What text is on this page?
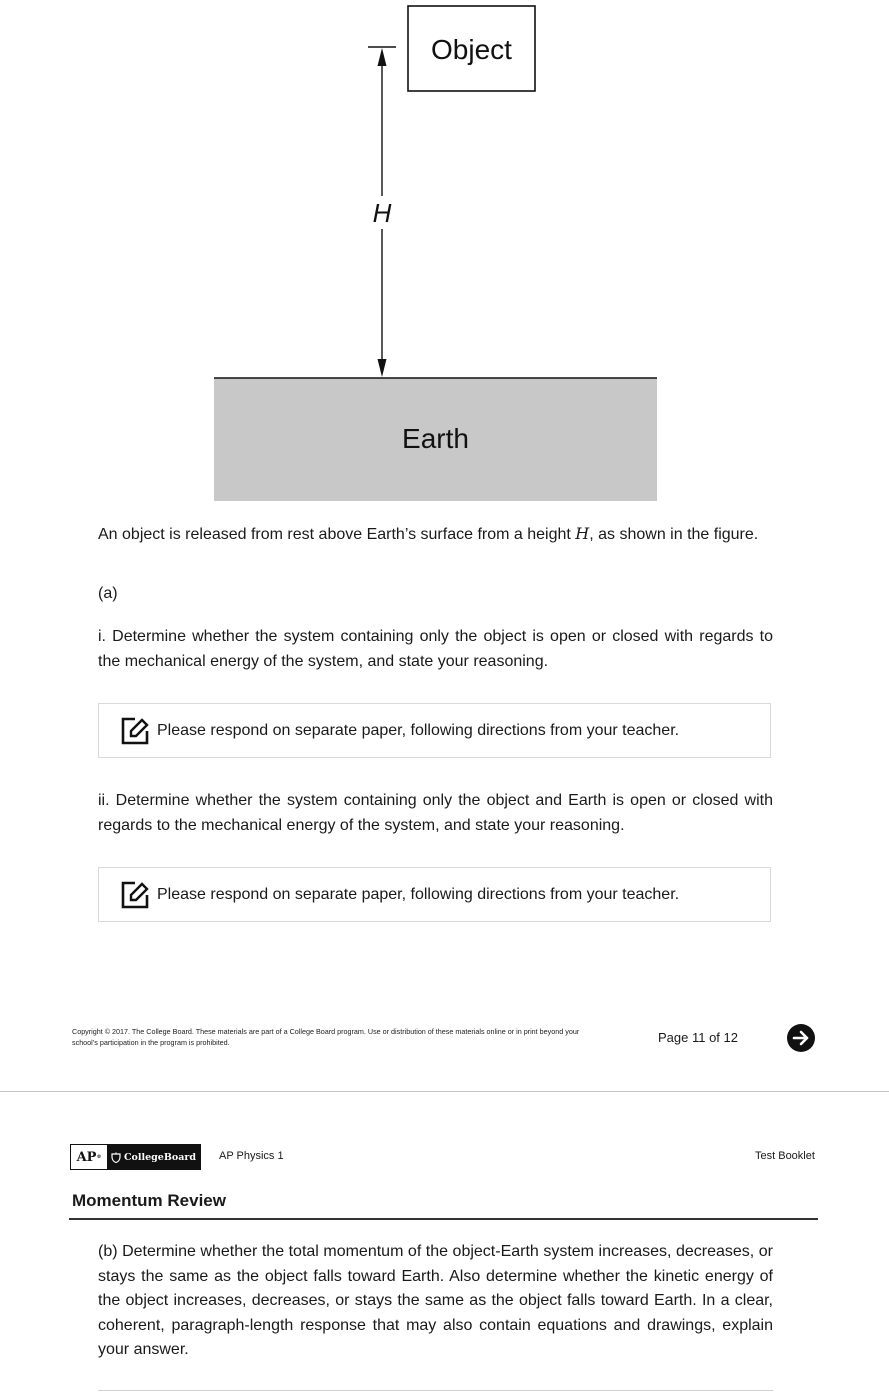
Object
H
Earth
An object is released from rest above Earth’s surface from a height H, as shown in the figure.
(a)
i. Determine whether the system containing only the object is open or closed with regards to the mechanical energy of the system, and state your reasoning.
Please respond on separate paper, following directions from your teacher.
ii. Determine whether the system containing only the object and Earth is open or closed with regards to the mechanical energy of the system, and state your reasoning.
Please respond on separate paper, following directions from your teacher.
Copyright © 2017. The College Board. These materials are part of a College Board program. Use or distribution of these materials online or in print beyond your school’s participation in the program is prohibited.	Page 11 of 12
AP ® CollegeBoard AP Physics 1	Test Booklet
Momentum Review
(b) Determine whether the total momentum of the object-Earth system increases, decreases, or stays the same as the object falls toward Earth. Also determine whether the kinetic energy of the object increases, decreases, or stays the same as the object falls toward Earth. In a clear, coherent, paragraph-length response that may also contain equations and drawings, explain your answer.
